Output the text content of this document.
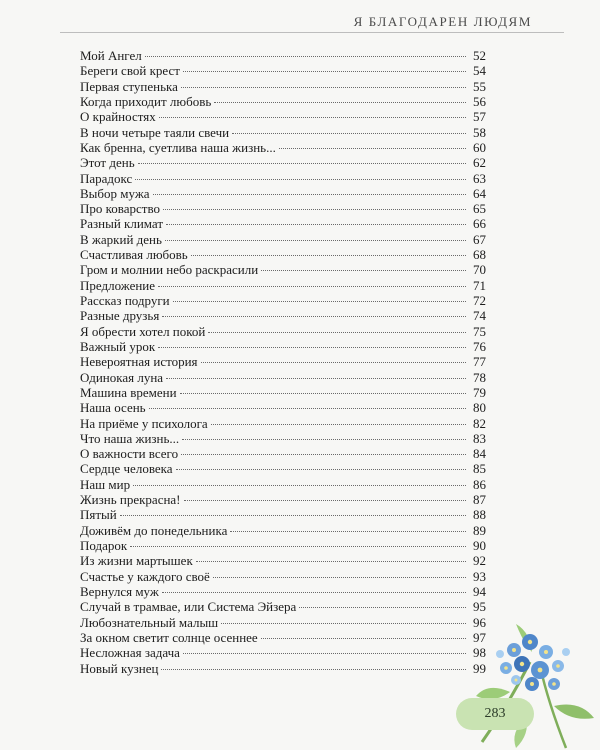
Я БЛАГОДАРЕН ЛЮДЯМ
Мой Ангел	52
Береги свой крест	54
Первая ступенька	55
Когда приходит любовь	56
О крайностях	57
В ночи четыре таяли свечи	58
Как бренна, суетлива наша жизнь...	60
Этот день	62
Парадокс	63
Выбор мужа	64
Про коварство	65
Разный климат	66
В жаркий день	67
Счастливая любовь	68
Гром и молнии небо раскрасили	70
Предложение	71
Рассказ подруги	72
Разные друзья	74
Я обрести хотел покой	75
Важный урок	76
Невероятная история	77
Одинокая луна	78
Машина времени	79
Наша осень	80
На приёме у психолога	82
Что наша жизнь...	83
О важности всего	84
Сердце человека	85
Наш мир	86
Жизнь прекрасна!	87
Пятый	88
Доживём до понедельника	89
Подарок	90
Из жизни мартышек	92
Счастье у каждого своё	93
Вернулся муж	94
Случай в трамвае, или Система Эйзера	95
Любознательный малыш	96
За окном светит солнце осеннее	97
Несложная задача	98
Новый кузнец	99
283
